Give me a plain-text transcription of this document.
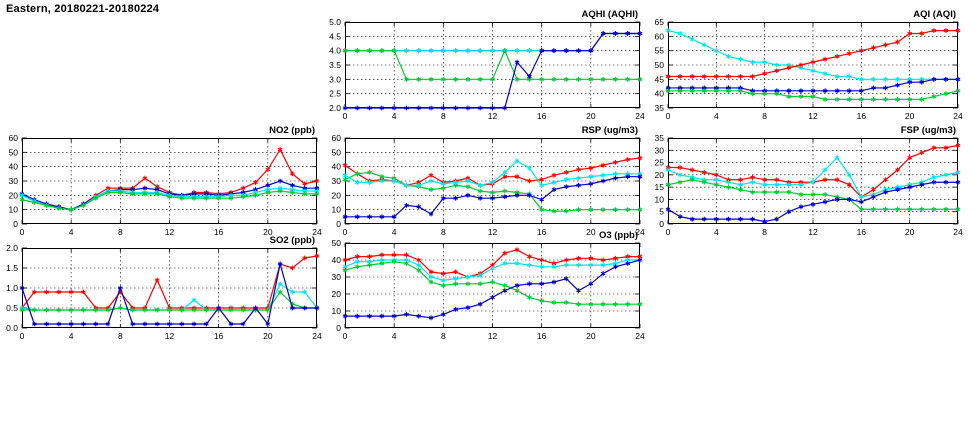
Eastern, 20180221-20180224	AQHI (AQHI)
0	4	8	12	16	20	24
2.0
2.5
3.0
3.5
4.0
4.5
5.0
AQI (AQI)
0	4	8	12	16	20	24
35
40
45
50
55
60
65
NO2 (ppb)
0	4	8	12	16	20	24
0
10
20
30
40
50
60
RSP (ug/m3)
0	4	8	12	16	20	24
0
10
20
30
40
50
60
FSP (ug/m3)
0	4	8	12	16	20	24
0
5
10
15
20
25
30
35
SO2 (ppb)
0	4	8	12	16	20	24
0.0
0.5
1.0
1.5
2.0
O3 (ppb)
0	4	8	12	16	20	24
0
10
20
30
40
50
